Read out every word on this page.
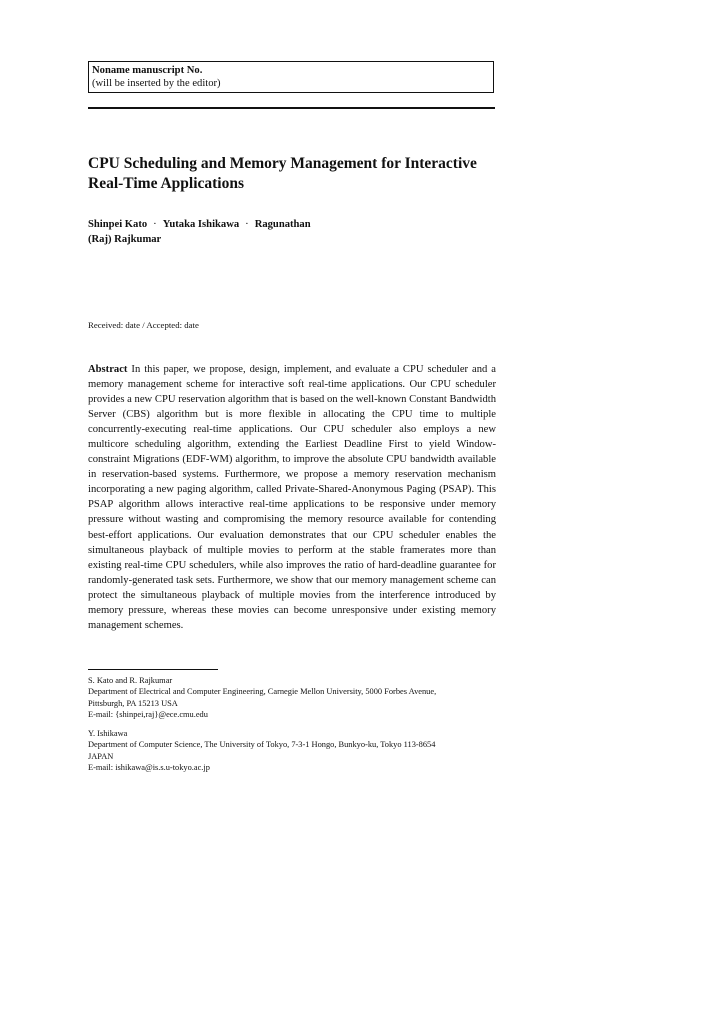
Noname manuscript No.
(will be inserted by the editor)
CPU Scheduling and Memory Management for Interactive
Real-Time Applications
Shinpei Kato · Yutaka Ishikawa · Ragunathan
(Raj) Rajkumar
Received: date / Accepted: date
Abstract In this paper, we propose, design, implement, and evaluate a CPU scheduler and a memory management scheme for interactive soft real-time applications. Our CPU scheduler provides a new CPU reservation algorithm that is based on the well-known Constant Bandwidth Server (CBS) algorithm but is more flexible in allocating the CPU time to multiple concurrently-executing real-time applications. Our CPU scheduler also employs a new multicore scheduling algorithm, extending the Earliest Deadline First to yield Window-constraint Migrations (EDF-WM) algorithm, to improve the absolute CPU bandwidth available in reservation-based systems. Furthermore, we propose a memory reservation mechanism incorporating a new paging algorithm, called Private-Shared-Anonymous Paging (PSAP). This PSAP algorithm allows interactive real-time applications to be responsive under memory pressure without wasting and compromising the memory resource available for contending best-effort applications. Our evaluation demonstrates that our CPU scheduler enables the simultaneous playback of multiple movies to perform at the stable framerates more than existing real-time CPU schedulers, while also improves the ratio of hard-deadline guarantee for randomly-generated task sets. Furthermore, we show that our memory management scheme can protect the simultaneous playback of multiple movies from the interference introduced by memory pressure, whereas these movies can become unresponsive under existing memory management schemes.
S. Kato and R. Rajkumar
Department of Electrical and Computer Engineering, Carnegie Mellon University, 5000 Forbes Avenue,
Pittsburgh, PA 15213 USA
E-mail: {shinpei,raj}@ece.cmu.edu
Y. Ishikawa
Department of Computer Science, The University of Tokyo, 7-3-1 Hongo, Bunkyo-ku, Tokyo 113-8654
JAPAN
E-mail: ishikawa@is.s.u-tokyo.ac.jp
